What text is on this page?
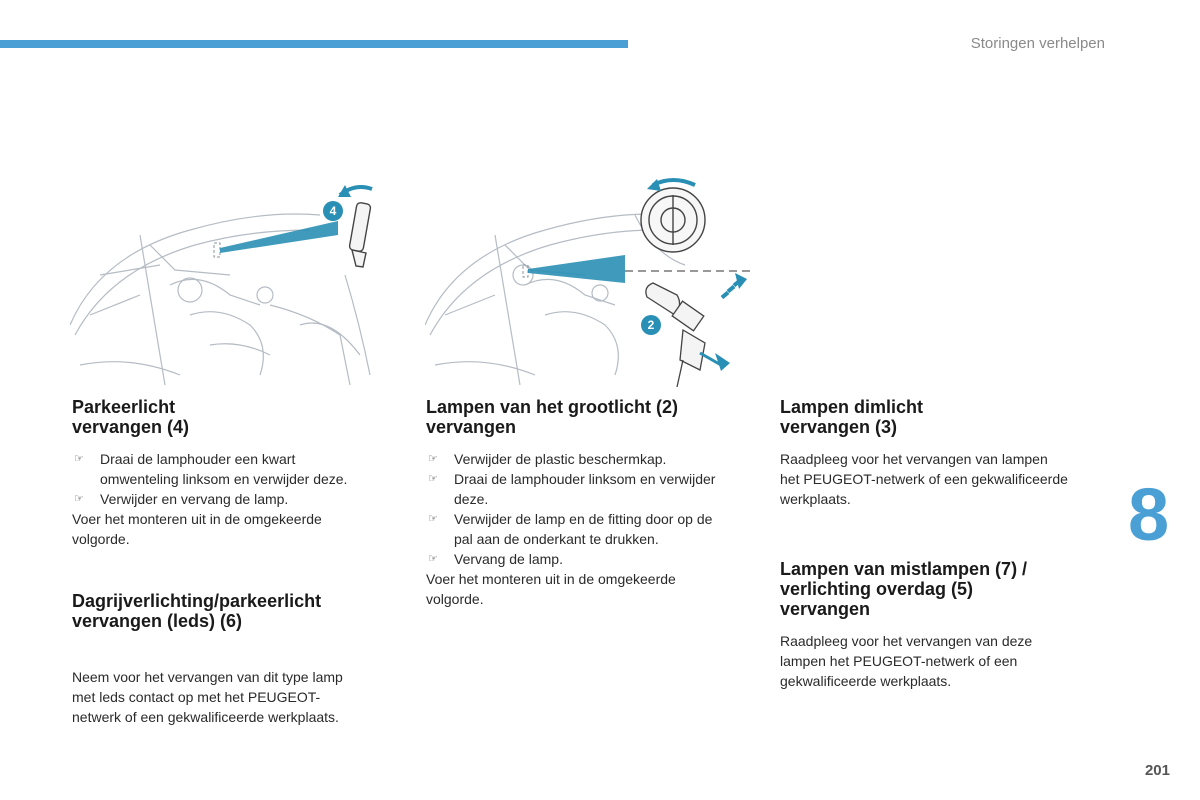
Storingen verhelpen
4
2
Parkeerlicht
vervangen (4)
☞ Draai de lamphouder een kwart
omwenteling linksom en verwijder deze.
☞ Verwijder en vervang de lamp.

Voer het monteren uit in de omgekeerde
volgorde.

Dagrijverlichting/parkeerlicht
vervangen (leds) (6)

Neem voor het vervangen van dit type lamp
met leds contact op met het PEUGEOT-
netwerk of een gekwalificeerde werkplaats.

Lampen van het grootlicht (2)
vervangen
☞ Verwijder de plastic beschermkap.
☞ Draai de lamphouder linksom en verwijder
deze.
☞ Verwijder de lamp en de fitting door op de
pal aan de onderkant te drukken.
☞ Vervang de lamp.

Voer het monteren uit in de omgekeerde
volgorde.

Lampen dimlicht
vervangen (3)

Raadpleeg voor het vervangen van lampen
het PEUGEOT-netwerk of een gekwalificeerde
werkplaats.

Lampen van mistlampen (7) /
verlichting overdag (5)
vervangen

Raadpleeg voor het vervangen van deze
lampen het PEUGEOT-netwerk of een
gekwalificeerde werkplaats.

8
201
